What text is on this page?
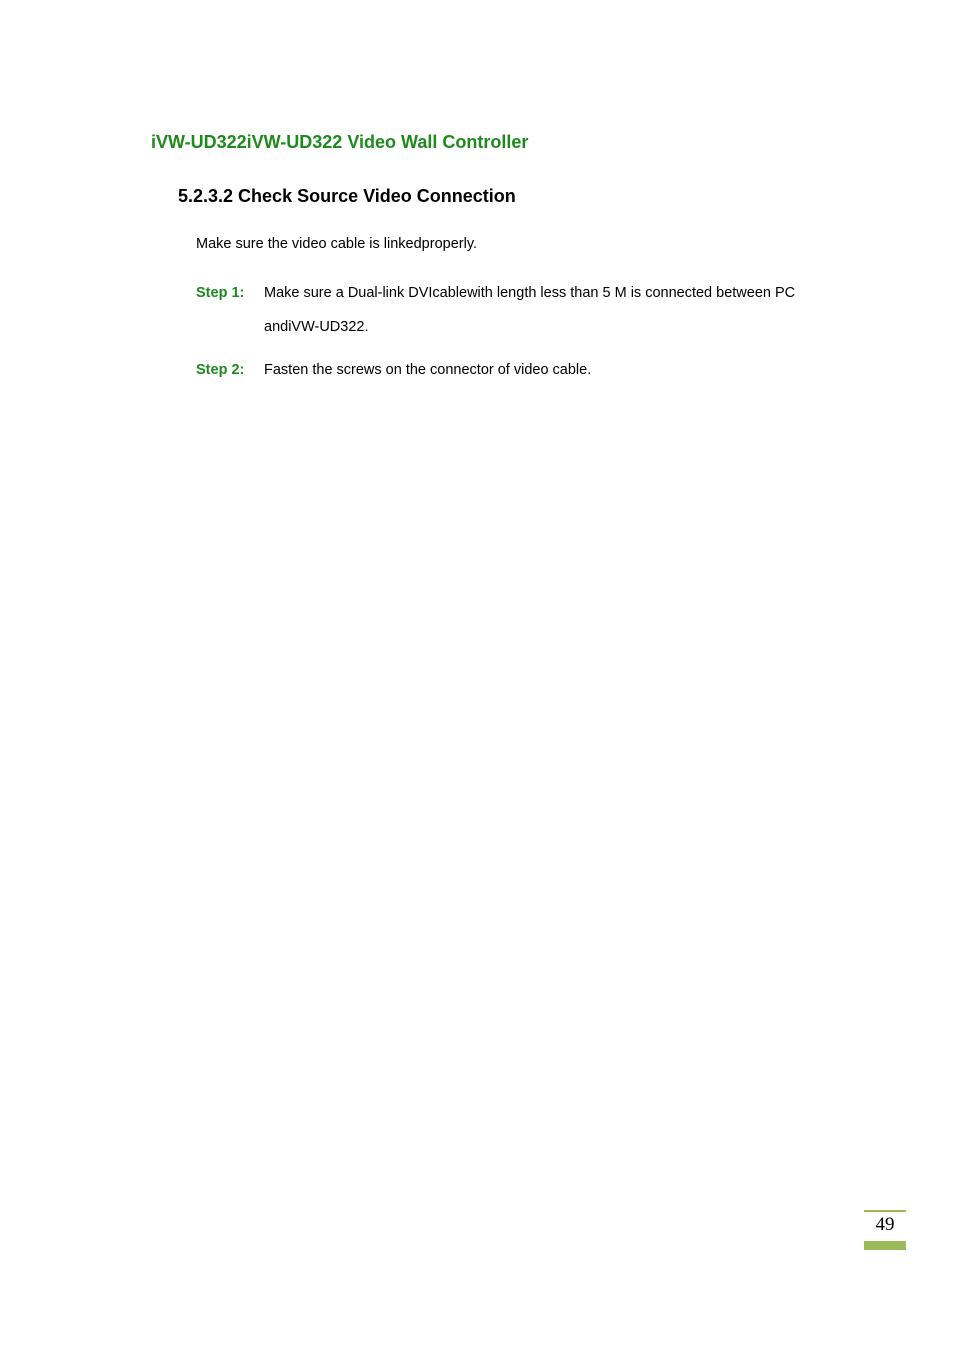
iVW-UD322iVW-UD322 Video Wall Controller
5.2.3.2 Check Source Video Connection
Make sure the video cable is linkedproperly.
Step 1: Make sure a Dual-link DVIcablewith length less than 5 M is connected between PC andiVW-UD322.
Step 2: Fasten the screws on the connector of video cable.
49
